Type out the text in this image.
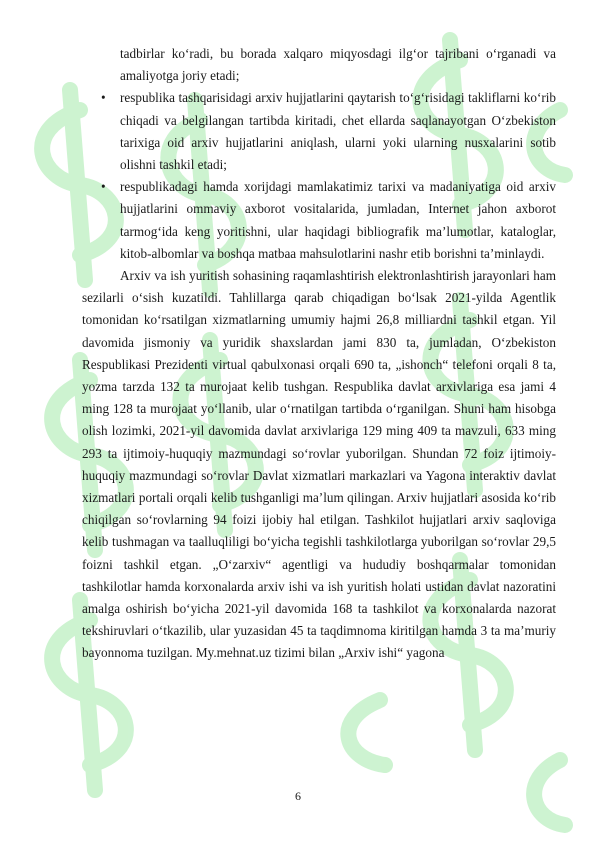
tadbirlar koʻradi, bu borada xalqaro miqyosdagi ilgʻor tajribani oʻrganadi va amaliyotga joriy etadi;

• respublika tashqarisidagi arxiv hujjatlarini qaytarish toʻgʻrisidagi takliflarni koʻrib chiqadi va belgilangan tartibda kiritadi, chet ellarda saqlanayotgan Oʻzbekiston tarixiga oid arxiv hujjatlarini aniqlash, ularni yoki ularning nusxalarini sotib olishni tashkil etadi;
• respublikadagi hamda xorijdagi mamlakatimiz tarixi va madaniyatiga oid arxiv hujjatlarini ommaviy axborot vositalarida, jumladan, Internet jahon axborot tarmogʻida keng yoritishni, ular haqidagi bibliografik maʼlumotlar, kataloglar, kitob-albomlar va boshqa matbaa mahsulotlarini nashr etib borishni taʼminlaydi.

Arxiv va ish yuritish sohasining raqamlashtirish elektronlashtirish jarayonlari ham sezilarli oʻsish kuzatildi. Tahlillarga qarab chiqadigan boʻlsak 2021-yilda Agentlik tomonidan koʻrsatilgan xizmatlarning umumiy hajmi 26,8 milliardni tashkil etgan. Yil davomida jismoniy va yuridik shaxslardan jami 830 ta, jumladan, Oʻzbekiston Respublikasi Prezidenti virtual qabulxonasi orqali 690 ta, „ishonch“ telefoni orqali 8 ta, yozma tarzda 132 ta murojaat kelib tushgan. Respublika davlat arxivlariga esa jami 4 ming 128 ta murojaat yoʻllanib, ular oʻrnatilgan tartibda oʻrganilgan. Shuni ham hisobga olish lozimki, 2021-yil davomida davlat arxivlariga 129 ming 409 ta mavzuli, 633 ming 293 ta ijtimoiy-huquqiy mazmundagi soʻrovlar yuborilgan. Shundan 72 foiz ijtimoiy-huquqiy mazmundagi soʻrovlar Davlat xizmatlari markazlari va Yagona interaktiv davlat xizmatlari portali orqali kelib tushganligi maʼlum qilingan. Arxiv hujjatlari asosida koʻrib chiqilgan soʻrovlarning 94 foizi ijobiy hal etilgan. Tashkilot hujjatlari arxiv saqloviga kelib tushmagan va taalluqliligi boʻyicha tegishli tashkilotlarga yuborilgan soʻrovlar 29,5 foizni tashkil etgan. „Oʻzarxiv“ agentligi va hududiy boshqarmalar tomonidan tashkilotlar hamda korxonalarda arxiv ishi va ish yuritish holati ustidan davlat nazoratini amalga oshirish boʻyicha 2021-yil davomida 168 ta tashkilot va korxonalarda nazorat tekshiruvlari oʻtkazilib, ular yuzasidan 45 ta taqdimnoma kiritilgan hamda 3 ta maʼmuriy bayonnoma tuzilgan. My.mehnat.uz tizimi bilan „Arxiv ishi“ yagona

6
